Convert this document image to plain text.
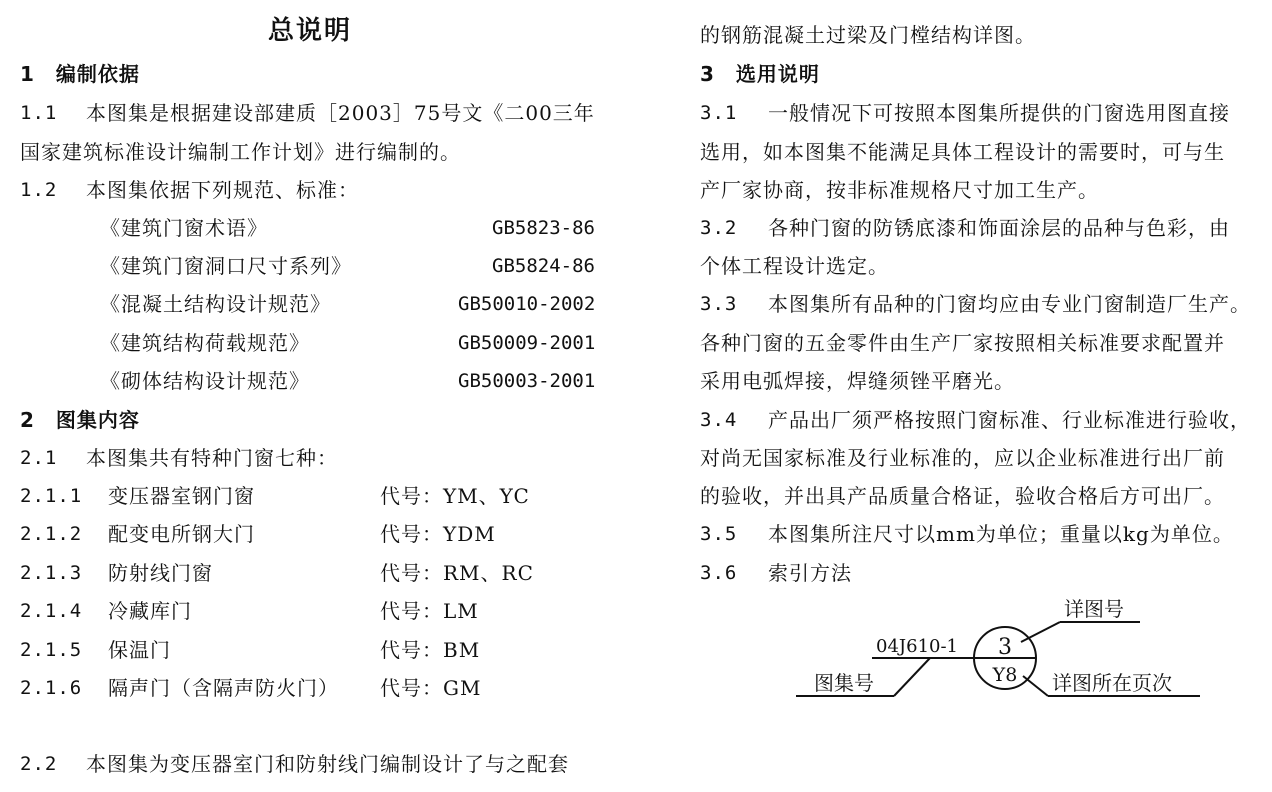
总说明
1　编制依据
1.1 本图集是根据建设部建质［2003］75号文《二00三年
国家建筑标准设计编制工作计划》进行编制的。
1.2 本图集依据下列规范、标准：
《建筑门窗术语》	GB5823-86
《建筑门窗洞口尺寸系列》	GB5824-86
《混凝土结构设计规范》	GB50010-2002
《建筑结构荷载规范》	GB50009-2001
《砌体结构设计规范》	GB50003-2001
2　图集内容
2.1 本图集共有特种门窗七种：
2.1.1 变压器室钢门窗	代号：YM、YC
2.1.2 配变电所钢大门	代号：YDM
2.1.3 防射线门窗	代号：RM、RC
2.1.4 冷藏库门	代号：LM
2.1.5 保温门	代号：BM
2.1.6 隔声门（含隔声防火门） 代号：GM
2.2 本图集为变压器室门和防射线门编制设计了与之配套
的钢筋混凝土过梁及门樘结构详图。
3　选用说明
3.1 一般情况下可按照本图集所提供的门窗选用图直接
选用，如本图集不能满足具体工程设计的需要时，可与生
产厂家协商，按非标准规格尺寸加工生产。
3.2 各种门窗的防锈底漆和饰面涂层的品种与色彩，由
个体工程设计选定。
3.3 本图集所有品种的门窗均应由专业门窗制造厂生产。
各种门窗的五金零件由生产厂家按照相关标准要求配置并
采用电弧焊接，焊缝须锉平磨光。
3.4 产品出厂须严格按照门窗标准、行业标准进行验收，
对尚无国家标准及行业标准的，应以企业标准进行出厂前
的验收，并出具产品质量合格证，验收合格后方可出厂。
3.5 本图集所注尺寸以mm为单位；重量以kg为单位。
3.6 索引方法
详图号
04J610-1 3
Y8
图集号	详图所在页次
